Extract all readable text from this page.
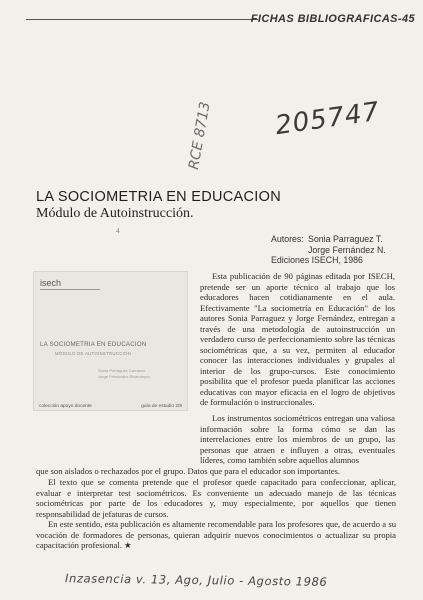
FICHAS BIBLIOGRAFICAS-45
205747
RCE 8713
LA SOCIOMETRIA EN EDUCACION
Módulo de Autoinstrucción.
4
Autores: Sonia Parraguez T.
Jorge Fernández N.
Ediciones ISECH, 1986
isech
LA SOCIOMETRIA EN EDUCACION
MÓDULO DE AUTOINSTRUCCIÓN
Sonia Parraguez Carrasco
Jorge Fernández Rivandeyra
colección apoyo docente	guía de estudio 2/8
Esta publicación de 90 páginas editada por ISECH, pretende ser un aporte técnico al trabajo que los educadores hacen cotidianamente en el aula. Efectivamente "La sociometría en Educación" de los autores Sonia Parraguez y Jorge Fernández, entregan a través de una metodología de autoinstrucción un verdadero curso de perfeccionamiento sobre las técnicas sociométricas que, a su vez, permiten al educador conocer las interacciones individuales y grupales al interior de los grupo-cursos. Este conocimiento posibilita que el profesor pueda planificar las acciones educativas con mayor eficacia en el logro de objetivos de formulación o instruccionales.
Los instrumentos sociométricos entregan una valiosa información sobre la forma cómo se dan las interrelaciones entre los miembros de un grupo, las personas que atraen e influyen a otras, eventuales líderes, como también sobre aquellos alumnos
que son aislados o rechazados por el grupo. Datos que para el educador son importantes.
El texto que se comenta pretende que el profesor quede capacitado para confeccionar, aplicar, evaluar e interpretar test sociométricos. Es conveniente un adecuado manejo de las técnicas sociométricas por parte de los educadores y, muy especialmente, por aquellos que tienen responsabilidad de jefaturas de cursos.
En este sentido, esta publicación es altamente recomendable para los profesores que, de acuerdo a su vocación de formadores de personas, quieran adquirir nuevos conocimientos o actualizar su propia capacitación profesional. ★
Inzasencia v. 13, Ago, Julio - Agosto 1986
